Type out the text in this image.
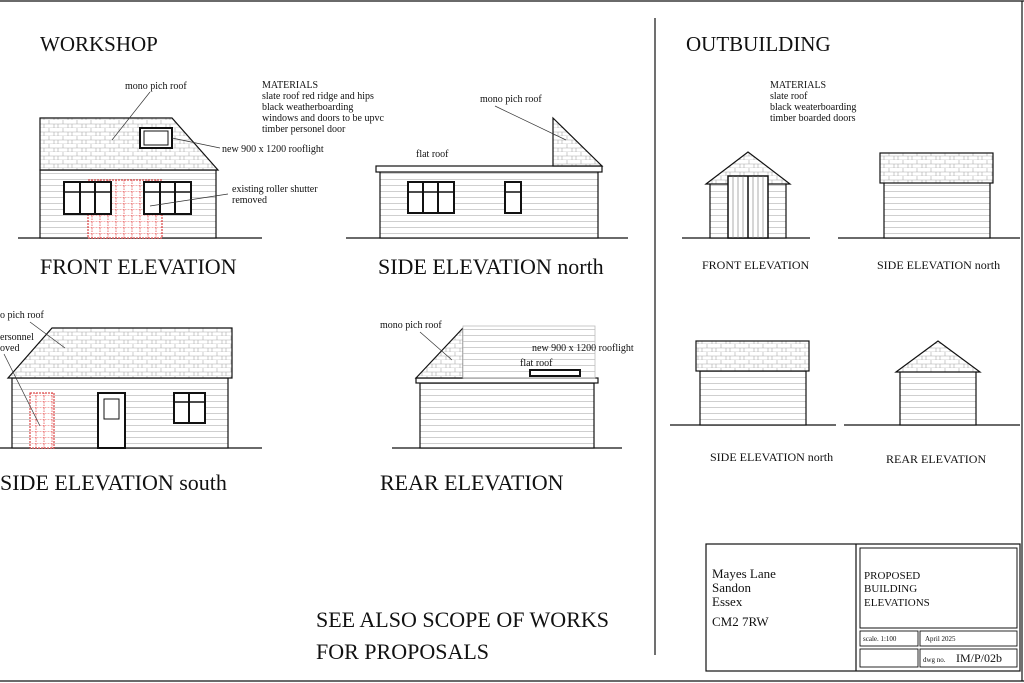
WORKSHOP
MATERIALS
slate roof red ridge and hips
black weatherboarding
windows and doors to be upvc
timber personel door
mono pich roof
new 900 x 1200 rooflight
existing roller shutter
removed
FRONT ELEVATION
mono pich roof
flat roof
SIDE ELEVATION north
o pich roof
ersonnel
oved
SIDE ELEVATION south
mono pich roof
new 900 x 1200 rooflight
flat roof
REAR ELEVATION
OUTBUILDING
MATERIALS
slate roof
black weaterboarding
timber boarded doors
FRONT ELEVATION	SIDE ELEVATION north
SIDE ELEVATION north	REAR ELEVATION
SEE ALSO SCOPE OF WORKS
FOR PROPOSALS
Mayes Lane
Sandon
Essex
CM2 7RW
PROPOSED
BUILDING
ELEVATIONS
scale. 1:100	April 2025
dwg no. IM/P/02b
